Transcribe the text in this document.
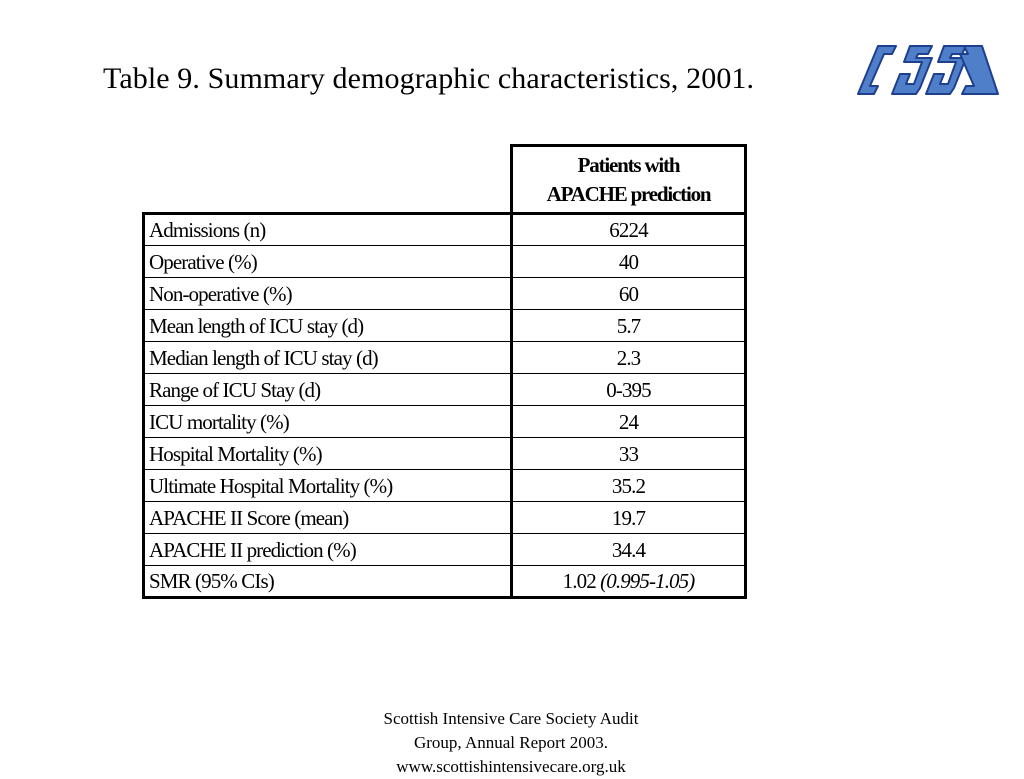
Table 9. Summary demographic characteristics, 2001.

	Patients with
APACHE prediction

Admissions (n)	6224
Operative (%)	40
Non-operative (%)	60
Mean length of ICU stay (d)	5.7
Median length of ICU stay (d)	2.3
Range of ICU Stay (d)	0-395
ICU mortality (%)	24
Hospital Mortality (%)	33
Ultimate Hospital Mortality (%)	35.2
APACHE II Score (mean)	19.7
APACHE II prediction (%)	34.4
SMR (95% CIs)	1.02 (0.995-1.05)
Scottish Intensive Care Society Audit
Group, Annual Report 2003.
www.scottishintensivecare.org.uk
